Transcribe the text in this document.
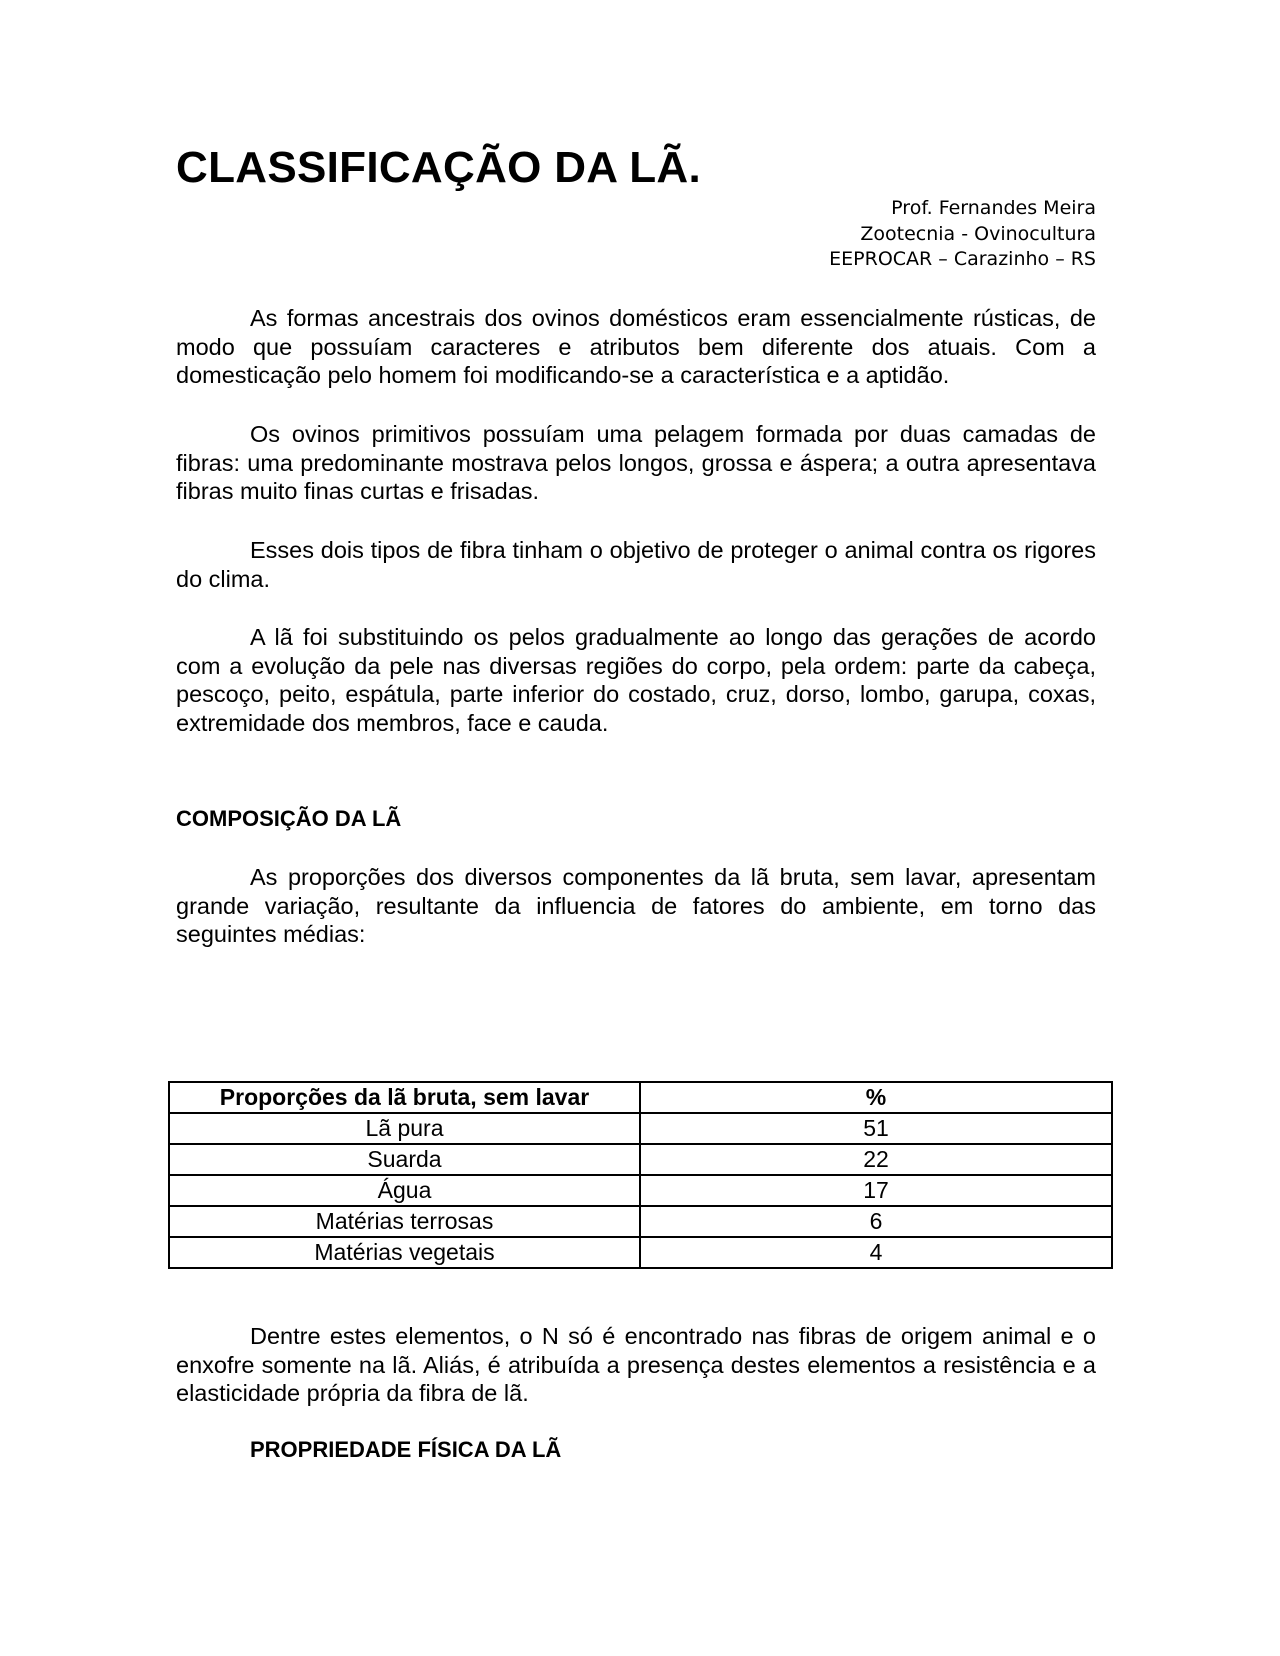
CLASSIFICAÇÃO DA LÃ.
Prof. Fernandes Meira
Zootecnia - Ovinocultura
EEPROCAR – Carazinho – RS

As formas ancestrais dos ovinos domésticos eram essencialmente rústicas, de modo que possuíam caracteres e atributos bem diferente dos atuais. Com a domesticação pelo homem foi modificando-se a característica e a aptidão.

Os ovinos primitivos possuíam uma pelagem formada por duas camadas de fibras: uma predominante mostrava pelos longos, grossa e áspera; a outra apresentava fibras muito finas curtas e frisadas.

Esses dois tipos de fibra tinham o objetivo de proteger o animal contra os rigores do clima.

A lã foi substituindo os pelos gradualmente ao longo das gerações de acordo com a evolução da pele nas diversas regiões do corpo, pela ordem: parte da cabeça, pescoço, peito, espátula, parte inferior do costado, cruz, dorso, lombo, garupa, coxas, extremidade dos membros, face e cauda.

COMPOSIÇÃO DA LÃ

As proporções dos diversos componentes da lã bruta, sem lavar, apresentam grande variação, resultante da influencia de fatores do ambiente, em torno das seguintes médias:

Proporções da lã bruta, sem lavar	%
Lã pura	51
Suarda	22
Água	17
Matérias terrosas	6
Matérias vegetais	4

Dentre estes elementos, o N só é encontrado nas fibras de origem animal e o enxofre somente na lã. Aliás, é atribuída a presença destes elementos a resistência e a elasticidade própria da fibra de lã.

PROPRIEDADE FÍSICA DA LÃ
